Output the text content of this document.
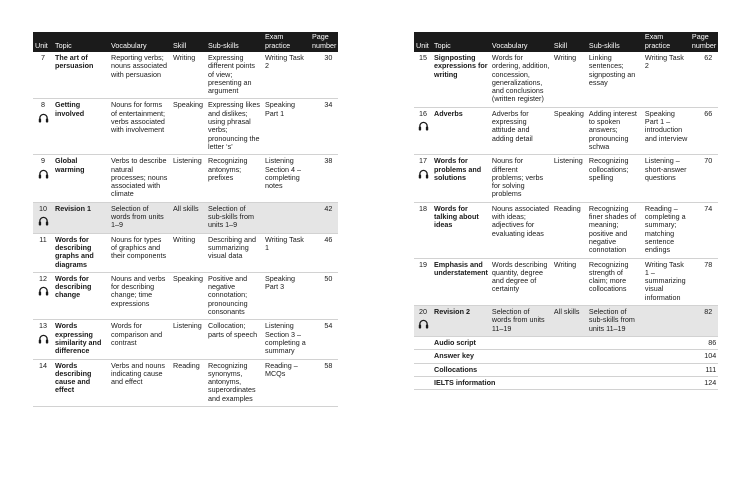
Unit	Topic	Vocabulary	Skill	Sub-skills	Exam practice	Page number

7	The art of persuasion	Reporting verbs; nouns associated with persuasion	Writing	Expressing different points of view; presenting an argument	Writing Task 2	30

8	Getting involved	Nouns for forms of entertainment; verbs associated with involvement	Speaking	Expressing likes and dislikes; using phrasal verbs; pronouncing the letter ‘s’	Speaking Part 1	34

9	Global warming	Verbs to describe natural processes; nouns associated with climate	Listening	Recognizing antonyms; prefixes	Listening Section 4 – completing notes	38

10	Revision 1	Selection of words from units 1–9	All skills	Selection of sub-skills from units 1–9		42

11	Words for describing graphs and diagrams	Nouns for types of graphics and their components	Writing	Describing and summarizing visual data	Writing Task 1	46

12	Words for describing change	Nouns and verbs for describing change; time expressions	Speaking	Positive and negative connotation; pronouncing consonants	Speaking Part 3	50

13	Words expressing similarity and difference	Words for comparison and contrast	Listening	Collocation; parts of speech	Listening Section 3 – completing a summary	54

14	Words describing cause and effect	Verbs and nouns indicating cause and effect	Reading	Recognizing synonyms, antonyms, superordinates and examples	Reading – MCQs	58
Unit	Topic	Vocabulary	Skill	Sub-skills	Exam practice	Page number

15	Signposting expressions for writing	Words for ordering, addition, concession, generalizations, and conclusions (written register)	Writing	Linking sentences; signposting an essay	Writing Task 2	62

16	Adverbs	Adverbs for expressing attitude and adding detail	Speaking	Adding interest to spoken answers; pronouncing schwa	Speaking Part 1 – introduction and interview	66

17	Words for problems and solutions	Nouns for different problems; verbs for solving problems	Listening	Recognizing collocations; spelling	Listening – short-answer questions	70

18	Words for talking about ideas	Nouns associated with ideas; adjectives for evaluating ideas	Reading	Recognizing finer shades of meaning; positive and negative connotation	Reading – completing a summary; matching sentence endings	74

19	Emphasis and understatement	Words describing quantity, degree and degree of certainty	Writing	Recognizing strength of claim; more collocations	Writing Task 1 – summarizing visual information	78

20	Revision 2	Selection of words from units 11–19	All skills	Selection of sub-skills from units 11–19		82
	Audio script					86
	Answer key					104
	Collocations					111
	IELTS information					124
